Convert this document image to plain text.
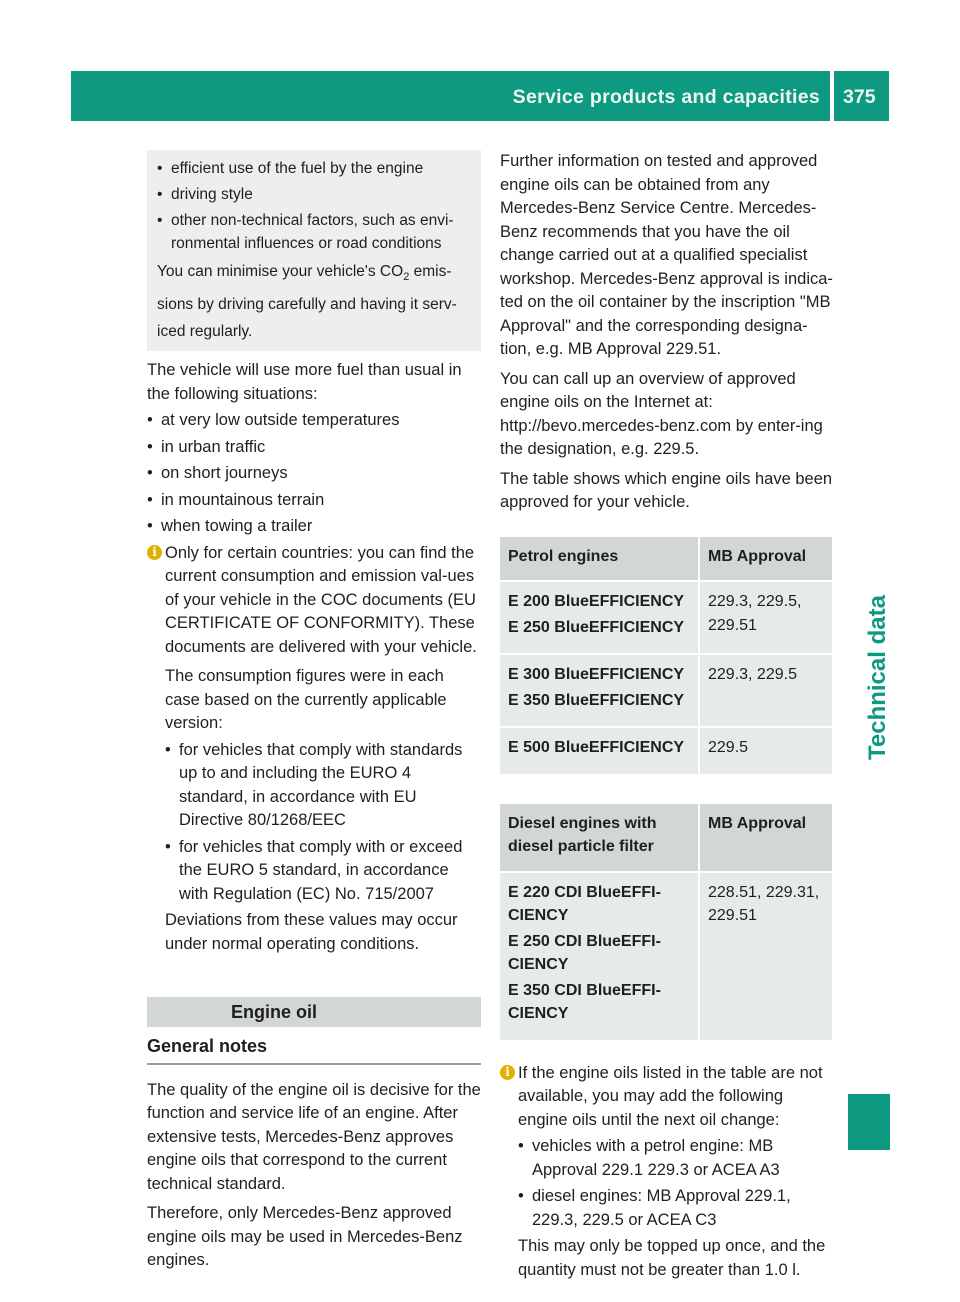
Service products and capacities 375
Technical data
• efficient use of the fuel by the engine
• driving style
• other non-technical factors, such as envi-ronmental influences or road conditions

You can minimise your vehicle's $CO_2$ emis-sions by driving carefully and having it serv-iced regularly.

The vehicle will use more fuel than usual in the following situations:

• at very low outside temperatures
• in urban traffic
• on short journeys
• in mountainous terrain
• when towing a trailer
i Only for certain countries: you can find the current consumption and emission val-ues of your vehicle in the COC documents (EU CERTIFICATE OF CONFORMITY). These documents are delivered with your vehicle.

The consumption figures were in each case based on the currently applicable version:

• for vehicles that comply with standards up to and including the EURO 4 standard, in accordance with EU Directive 80/1268/EEC
• for vehicles that comply with or exceed the EURO 5 standard, in accordance with Regulation (EC) No. 715/2007

Deviations from these values may occur under normal operating conditions.

Engine oil
General notes

The quality of the engine oil is decisive for the function and service life of an engine. After extensive tests, Mercedes-Benz approves engine oils that correspond to the current technical standard.

Therefore, only Mercedes-Benz approved engine oils may be used in Mercedes-Benz engines.

Further information on tested and approved engine oils can be obtained from any Mercedes-Benz Service Centre. Mercedes-Benz recommends that you have the oil change carried out at a qualified specialist workshop. Mercedes-Benz approval is indica-ted on the oil container by the inscription "MB Approval" and the corresponding designa-tion, e.g. MB Approval 229.51.

You can call up an overview of approved engine oils on the Internet at: http://bevo.mercedes-benz.com by enter-ing the designation, e.g. 229.5.

The table shows which engine oils have been approved for your vehicle.

Petrol engines	MB Approval

E 200 BlueEFFICIENCY
E 250 BlueEFFICIENCY	229.3, 229.5, 229.51

E 300 BlueEFFICIENCY
E 350 BlueEFFICIENCY	229.3, 229.5

E 500 BlueEFFICIENCY	229.5
Diesel engines with diesel particle filter	MB Approval

E 220 CDI BlueEFFI-CIENCY
E 250 CDI BlueEFFI-CIENCY
E 350 CDI BlueEFFI-CIENCY	228.51, 229.31, 229.51
i If the engine oils listed in the table are not available, you may add the following engine oils until the next oil change:

• vehicles with a petrol engine: MB Approval 229.1 229.3 or ACEA A3
• diesel engines: MB Approval 229.1, 229.3, 229.5 or ACEA C3

This may only be topped up once, and the quantity must not be greater than 1.0 l.
